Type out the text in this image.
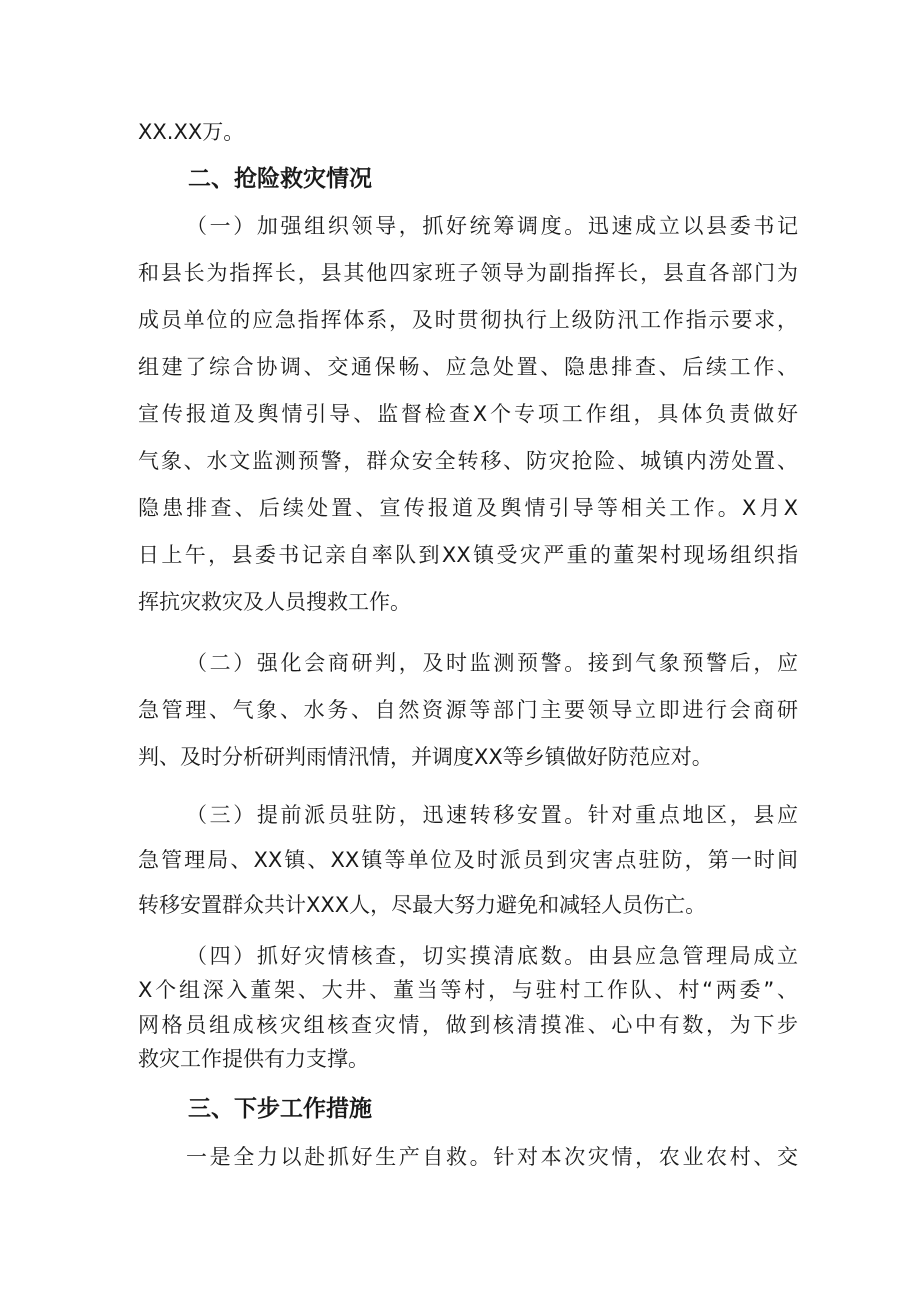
XX.XX万。
二、抢险救灾情况
（一）加强组织领导，抓好统筹调度。迅速成立以县委书记
和县长为指挥长，县其他四家班子领导为副指挥长，县直各部门为
成员单位的应急指挥体系，及时贯彻执行上级防汛工作指示要求，
组建了综合协调、交通保畅、应急处置、隐患排查、后续工作、
宣传报道及舆情引导、监督检查X个专项工作组，具体负责做好
气象、水文监测预警，群众安全转移、防灾抢险、城镇内涝处置、
隐患排查、后续处置、宣传报道及舆情引导等相关工作。X月X
日上午，县委书记亲自率队到XX镇受灾严重的董架村现场组织指
挥抗灾救灾及人员搜救工作。
（二）强化会商研判，及时监测预警。接到气象预警后，应
急管理、气象、水务、自然资源等部门主要领导立即进行会商研
判、及时分析研判雨情汛情，并调度XX等乡镇做好防范应对。
（三）提前派员驻防，迅速转移安置。针对重点地区，县应
急管理局、XX镇、XX镇等单位及时派员到灾害点驻防，第一时间
转移安置群众共计XXX人，尽最大努力避免和减轻人员伤亡。
（四）抓好灾情核查，切实摸清底数。由县应急管理局成立
X个组深入董架、大井、董当等村，与驻村工作队、村“两委”、
网格员组成核灾组核查灾情，做到核清摸准、心中有数，为下步
救灾工作提供有力支撑。
三、下步工作措施
一是全力以赴抓好生产自救。针对本次灾情，农业农村、交
